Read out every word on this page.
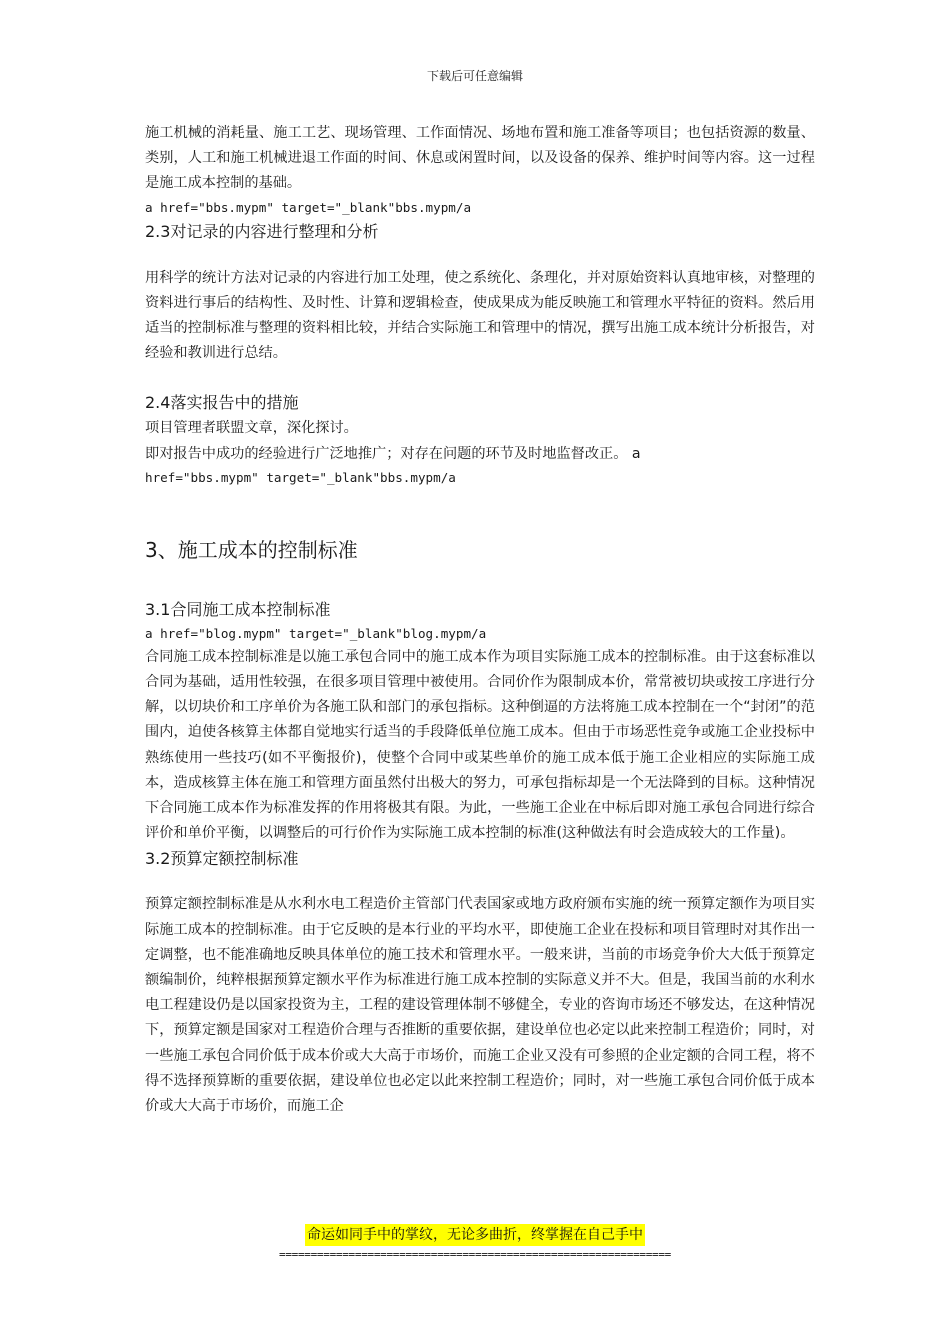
下载后可任意编辑

施工机械的消耗量、施工工艺、现场管理、工作面情况、场地布置和施工准备等项目；也包括资源的数量、类别，人工和施工机械进退工作面的时间、休息或闲置时间，以及设备的保养、维护时间等内容。这一过程是施工成本控制的基础。

a href="bbs.mypm" target="_blank"bbs.mypm/a

2.3对记录的内容进行整理和分析

用科学的统计方法对记录的内容进行加工处理，使之系统化、条理化，并对原始资料认真地审核，对整理的资料进行事后的结构性、及时性、计算和逻辑检查，使成果成为能反映施工和管理水平特征的资料。然后用适当的控制标准与整理的资料相比较，并结合实际施工和管理中的情况，撰写出施工成本统计分析报告，对经验和教训进行总结。

2.4落实报告中的措施

项目管理者联盟文章，深化探讨。

即对报告中成功的经验进行广泛地推广；对存在问题的环节及时地监督改正。 a

href="bbs.mypm" target="_blank"bbs.mypm/a

3、施工成本的控制标准

3.1合同施工成本控制标准

a href="blog.mypm" target="_blank"blog.mypm/a

合同施工成本控制标准是以施工承包合同中的施工成本作为项目实际施工成本的控制标准。由于这套标准以合同为基础，适用性较强，在很多项目管理中被使用。合同价作为限制成本价，常常被切块或按工序进行分解，以切块价和工序单价为各施工队和部门的承包指标。这种倒逼的方法将施工成本控制在一个“封闭”的范围内，迫使各核算主体都自觉地实行适当的手段降低单位施工成本。但由于市场恶性竞争或施工企业投标中熟练使用一些技巧(如不平衡报价)，使整个合同中或某些单价的施工成本低于施工企业相应的实际施工成本，造成核算主体在施工和管理方面虽然付出极大的努力，可承包指标却是一个无法降到的目标。这种情况下合同施工成本作为标准发挥的作用将极其有限。为此，一些施工企业在中标后即对施工承包合同进行综合评价和单价平衡，以调整后的可行价作为实际施工成本控制的标准(这种做法有时会造成较大的工作量)。

3.2预算定额控制标准

预算定额控制标准是从水利水电工程造价主管部门代表国家或地方政府颁布实施的统一预算定额作为项目实际施工成本的控制标准。由于它反映的是本行业的平均水平，即使施工企业在投标和项目管理时对其作出一定调整，也不能准确地反映具体单位的施工技术和管理水平。一般来讲，当前的市场竞争价大大低于预算定额编制价，纯粹根据预算定额水平作为标准进行施工成本控制的实际意义并不大。但是，我国当前的水利水电工程建设仍是以国家投资为主，工程的建设管理体制不够健全，专业的咨询市场还不够发达，在这种情况下，预算定额是国家对工程造价合理与否推断的重要依据，建设单位也必定以此来控制工程造价；同时，对一些施工承包合同价低于成本价或大大高于市场价，而施工企业又没有可参照的企业定额的合同工程，将不得不选择预算断的重要依据，建设单位也必定以此来控制工程造价；同时，对一些施工承包合同价低于成本价或大大高于市场价，而施工企

命运如同手中的掌纹，无论多曲折，终掌握在自己手中
==============================================================
